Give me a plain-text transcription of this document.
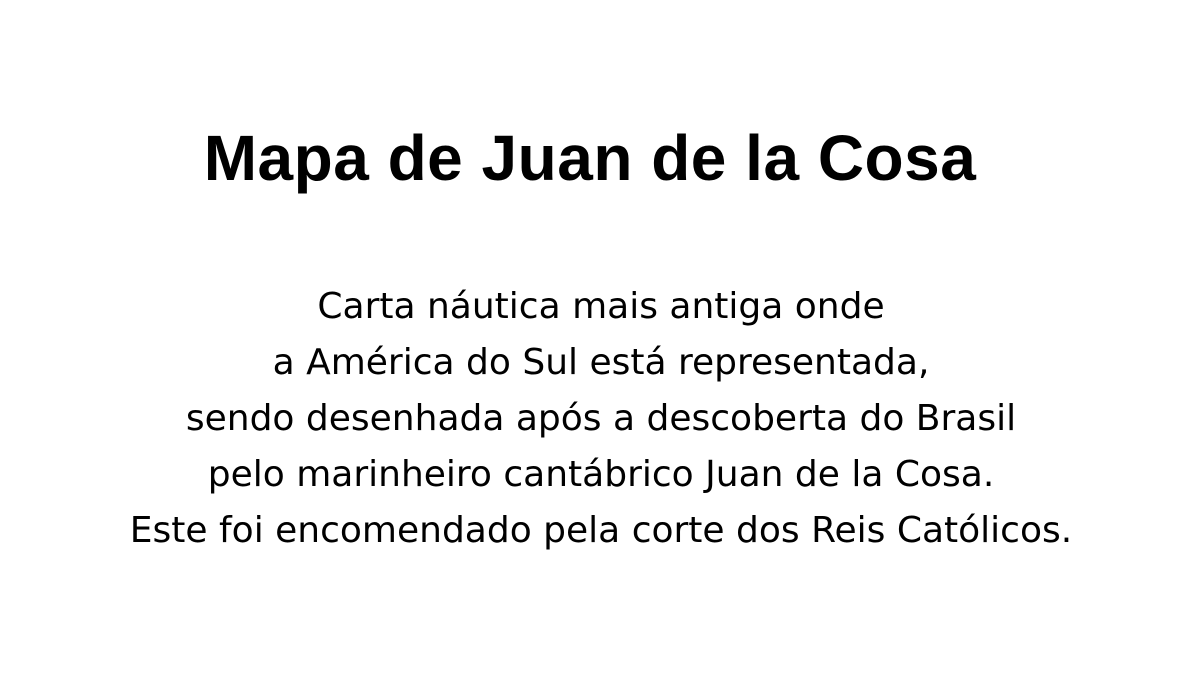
Mapa de Juan de la Cosa

Carta náutica mais antiga onde
a América do Sul está representada,
sendo desenhada após a descoberta do Brasil
pelo marinheiro cantábrico Juan de la Cosa.
Este foi encomendado pela corte dos Reis Católicos.
